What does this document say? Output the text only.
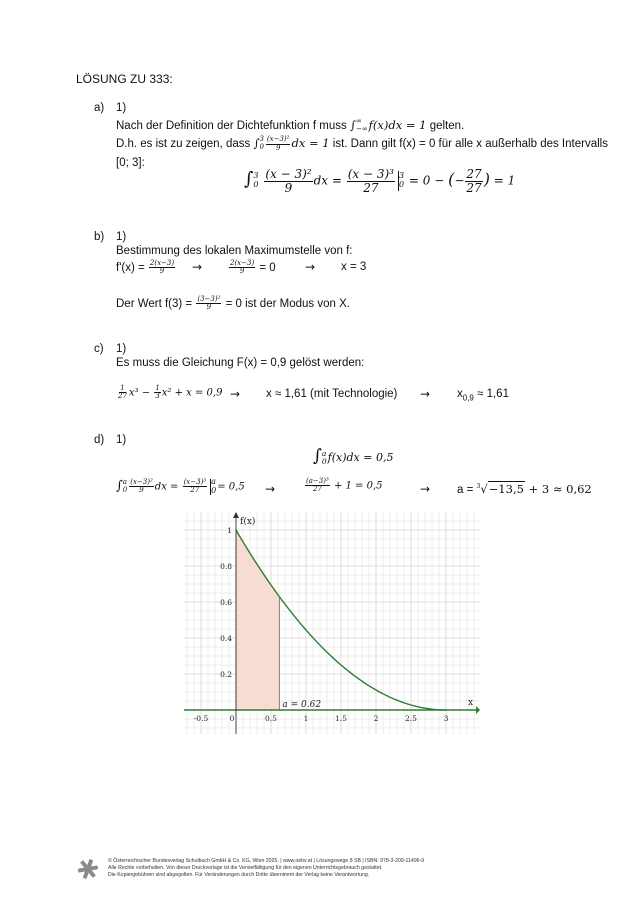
LÖSUNG ZU 333:
a) 1)
Nach der Definition der Dichtefunktion f muss ∫ ∞
−∞ f(x)dx = 1 gelten.
D.h. es ist zu zeigen, dass ∫ 3
$0 \frac{\text{(x−3)²}}{9}$ dx = 1 ist. Dann gilt f(x) = 0 für alle x außerhalb des Intervalls
[0; 3]:
∫ 3
0
$\frac{\text{(x − 3)²}}{9}$ dx = $\frac{\text{(x − 3)³}}{27} 3$
0 = 0 − (− $\frac{27}{27}$ ) = 1
b) 1)
Bestimmung des lokalen Maximumstelle von f:
$f'(x) = \frac{2(x-3)}{9}$ →	$\frac{2(x-3)}{9} = 0 \to x = 3$
Der Wert $f(3) = \frac{\text{(3−3)²}}{9} = 0$ ist der Modus von X.
c) 1)
Es muss die Gleichung F(x) = 0,9 gelöst werden:
$\frac{1}{27} x^3 - \frac{1}{3} x^2 + x = 0,9 \to x \approx 1,61$ (mit Technologie) → $x_{0,9} \approx 1,61$
d) 1)
∫ a
0 f(x)dx = 0,5
∫ a
$0 \frac{\text{(x−3)²}}{9}$ dx = $\frac{\text{(x−3)³}}{27}$ a
0 = 0,5 →	$\frac{\text{(a−3)³}}{27} + 1 = 0,5$	→ a = $^3$√−13,5 + 3 ≈ 0,62
-0.5	0	0.5	1	1.5	2	2.5	3
0.2
0.4
0.6
0.8
1
f(x)
x
a = 0.62
© Österreichischer Bundesverlag Schulbuch GmbH & Co. KG, Wien 2025. | www.oebv.at | Lösungswege 8 SB | ISBN: 978-3-209-11496-9
Alle Rechte vorbehalten. Von dieser Druckvorlage ist die Vervielfältigung für den eigenen Unterrichtsgebrauch gestattet.
Die Kopiergebühren sind abgegolten. Für Veränderungen durch Dritte übernimmt der Verlag keine Verantwortung.
